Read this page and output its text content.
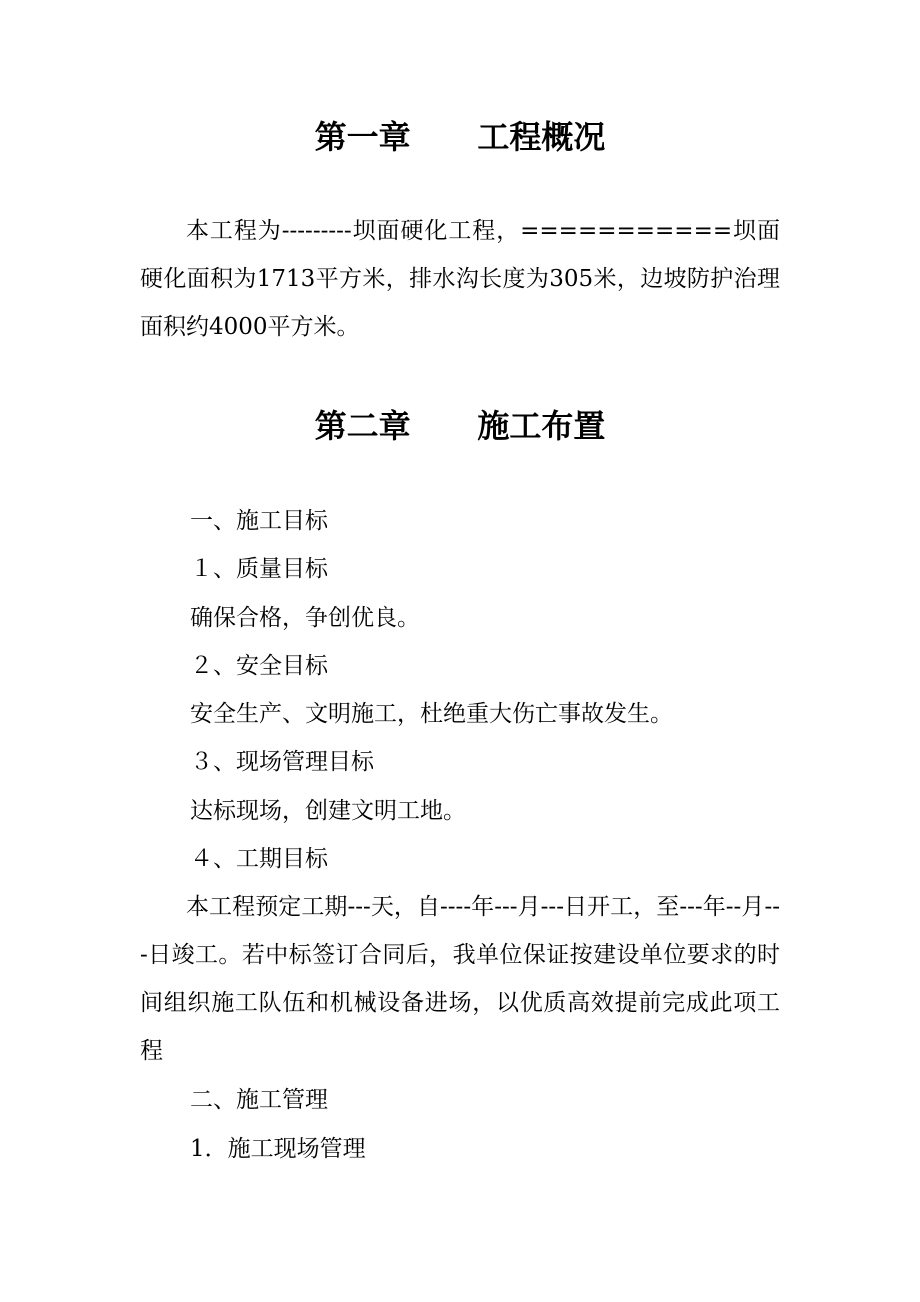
第一章      工程概况
本工程为---------坝面硬化工程，===========坝面硬化面积为1713平方米，排水沟长度为305米，边坡防护治理面积约4000平方米。
第二章      施工布置
一、施工目标
１、质量目标
确保合格，争创优良。
２、安全目标
安全生产、文明施工，杜绝重大伤亡事故发生。
３、现场管理目标
达标现场，创建文明工地。
４、工期目标
本工程预定工期---天，自----年---月---日开工，至---年--月---日竣工。若中标签订合同后，我单位保证按建设单位要求的时间组织施工队伍和机械设备进场，以优质高效提前完成此项工程
二、施工管理
1．施工现场管理
